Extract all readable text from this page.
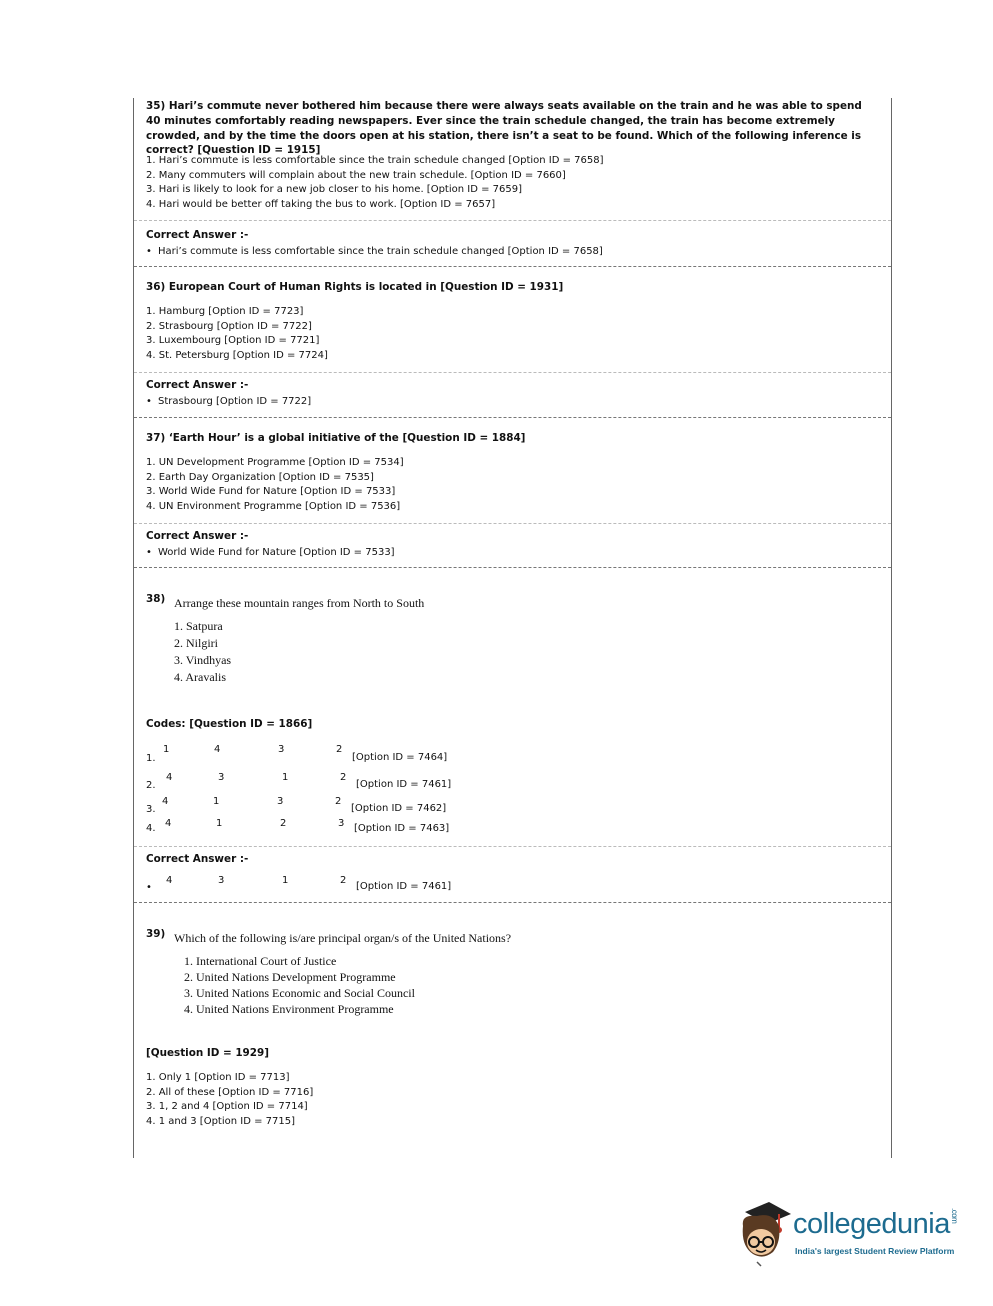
35) Hari’s commute never bothered him because there were always seats available on the train and he was able to spend 40 minutes comfortably reading newspapers. Ever since the train schedule changed, the train has become extremely crowded, and by the time the doors open at his station, there isn’t a seat to be found. Which of the following inference is correct? [Question ID = 1915]
1. Hari’s commute is less comfortable since the train schedule changed [Option ID = 7658]
2. Many commuters will complain about the new train schedule. [Option ID = 7660]
3. Hari is likely to look for a new job closer to his home. [Option ID = 7659]
4. Hari would be better off taking the bus to work. [Option ID = 7657]
Correct Answer :-
• Hari’s commute is less comfortable since the train schedule changed [Option ID = 7658]
36) European Court of Human Rights is located in [Question ID = 1931]
1. Hamburg [Option ID = 7723]
2. Strasbourg [Option ID = 7722]
3. Luxembourg [Option ID = 7721]
4. St. Petersburg [Option ID = 7724]
Correct Answer :-
• Strasbourg [Option ID = 7722]
37) ‘Earth Hour’ is a global initiative of the [Question ID = 1884]
1. UN Development Programme [Option ID = 7534]
2. Earth Day Organization [Option ID = 7535]
3. World Wide Fund for Nature [Option ID = 7533]
4. UN Environment Programme [Option ID = 7536]
Correct Answer :-
• World Wide Fund for Nature [Option ID = 7533]
38) Arrange these mountain ranges from North to South
1. Satpura
2. Nilgiri
3. Vindhyas
4. Aravalis
Codes: [Question ID = 1866]
1.
1	4	3	2
[Option ID = 7464]
2.
4	3	1	2
[Option ID = 7461]
3.
4	1	3	2
[Option ID = 7462]
4. 4	1	2	3 [Option ID = 7463]
Correct Answer :-
•
4	3	1	2
[Option ID = 7461]
39) Which of the following is/are principal organ/s of the United Nations?
1. International Court of Justice
2. United Nations Development Programme
3. United Nations Economic and Social Council
4. United Nations Environment Programme
[Question ID = 1929]
1. Only 1 [Option ID = 7713]
2. All of these [Option ID = 7716]
3. 1, 2 and 4 [Option ID = 7714]
4. 1 and 3 [Option ID = 7715]
collegedunia.com
India's largest Student Review Platform
